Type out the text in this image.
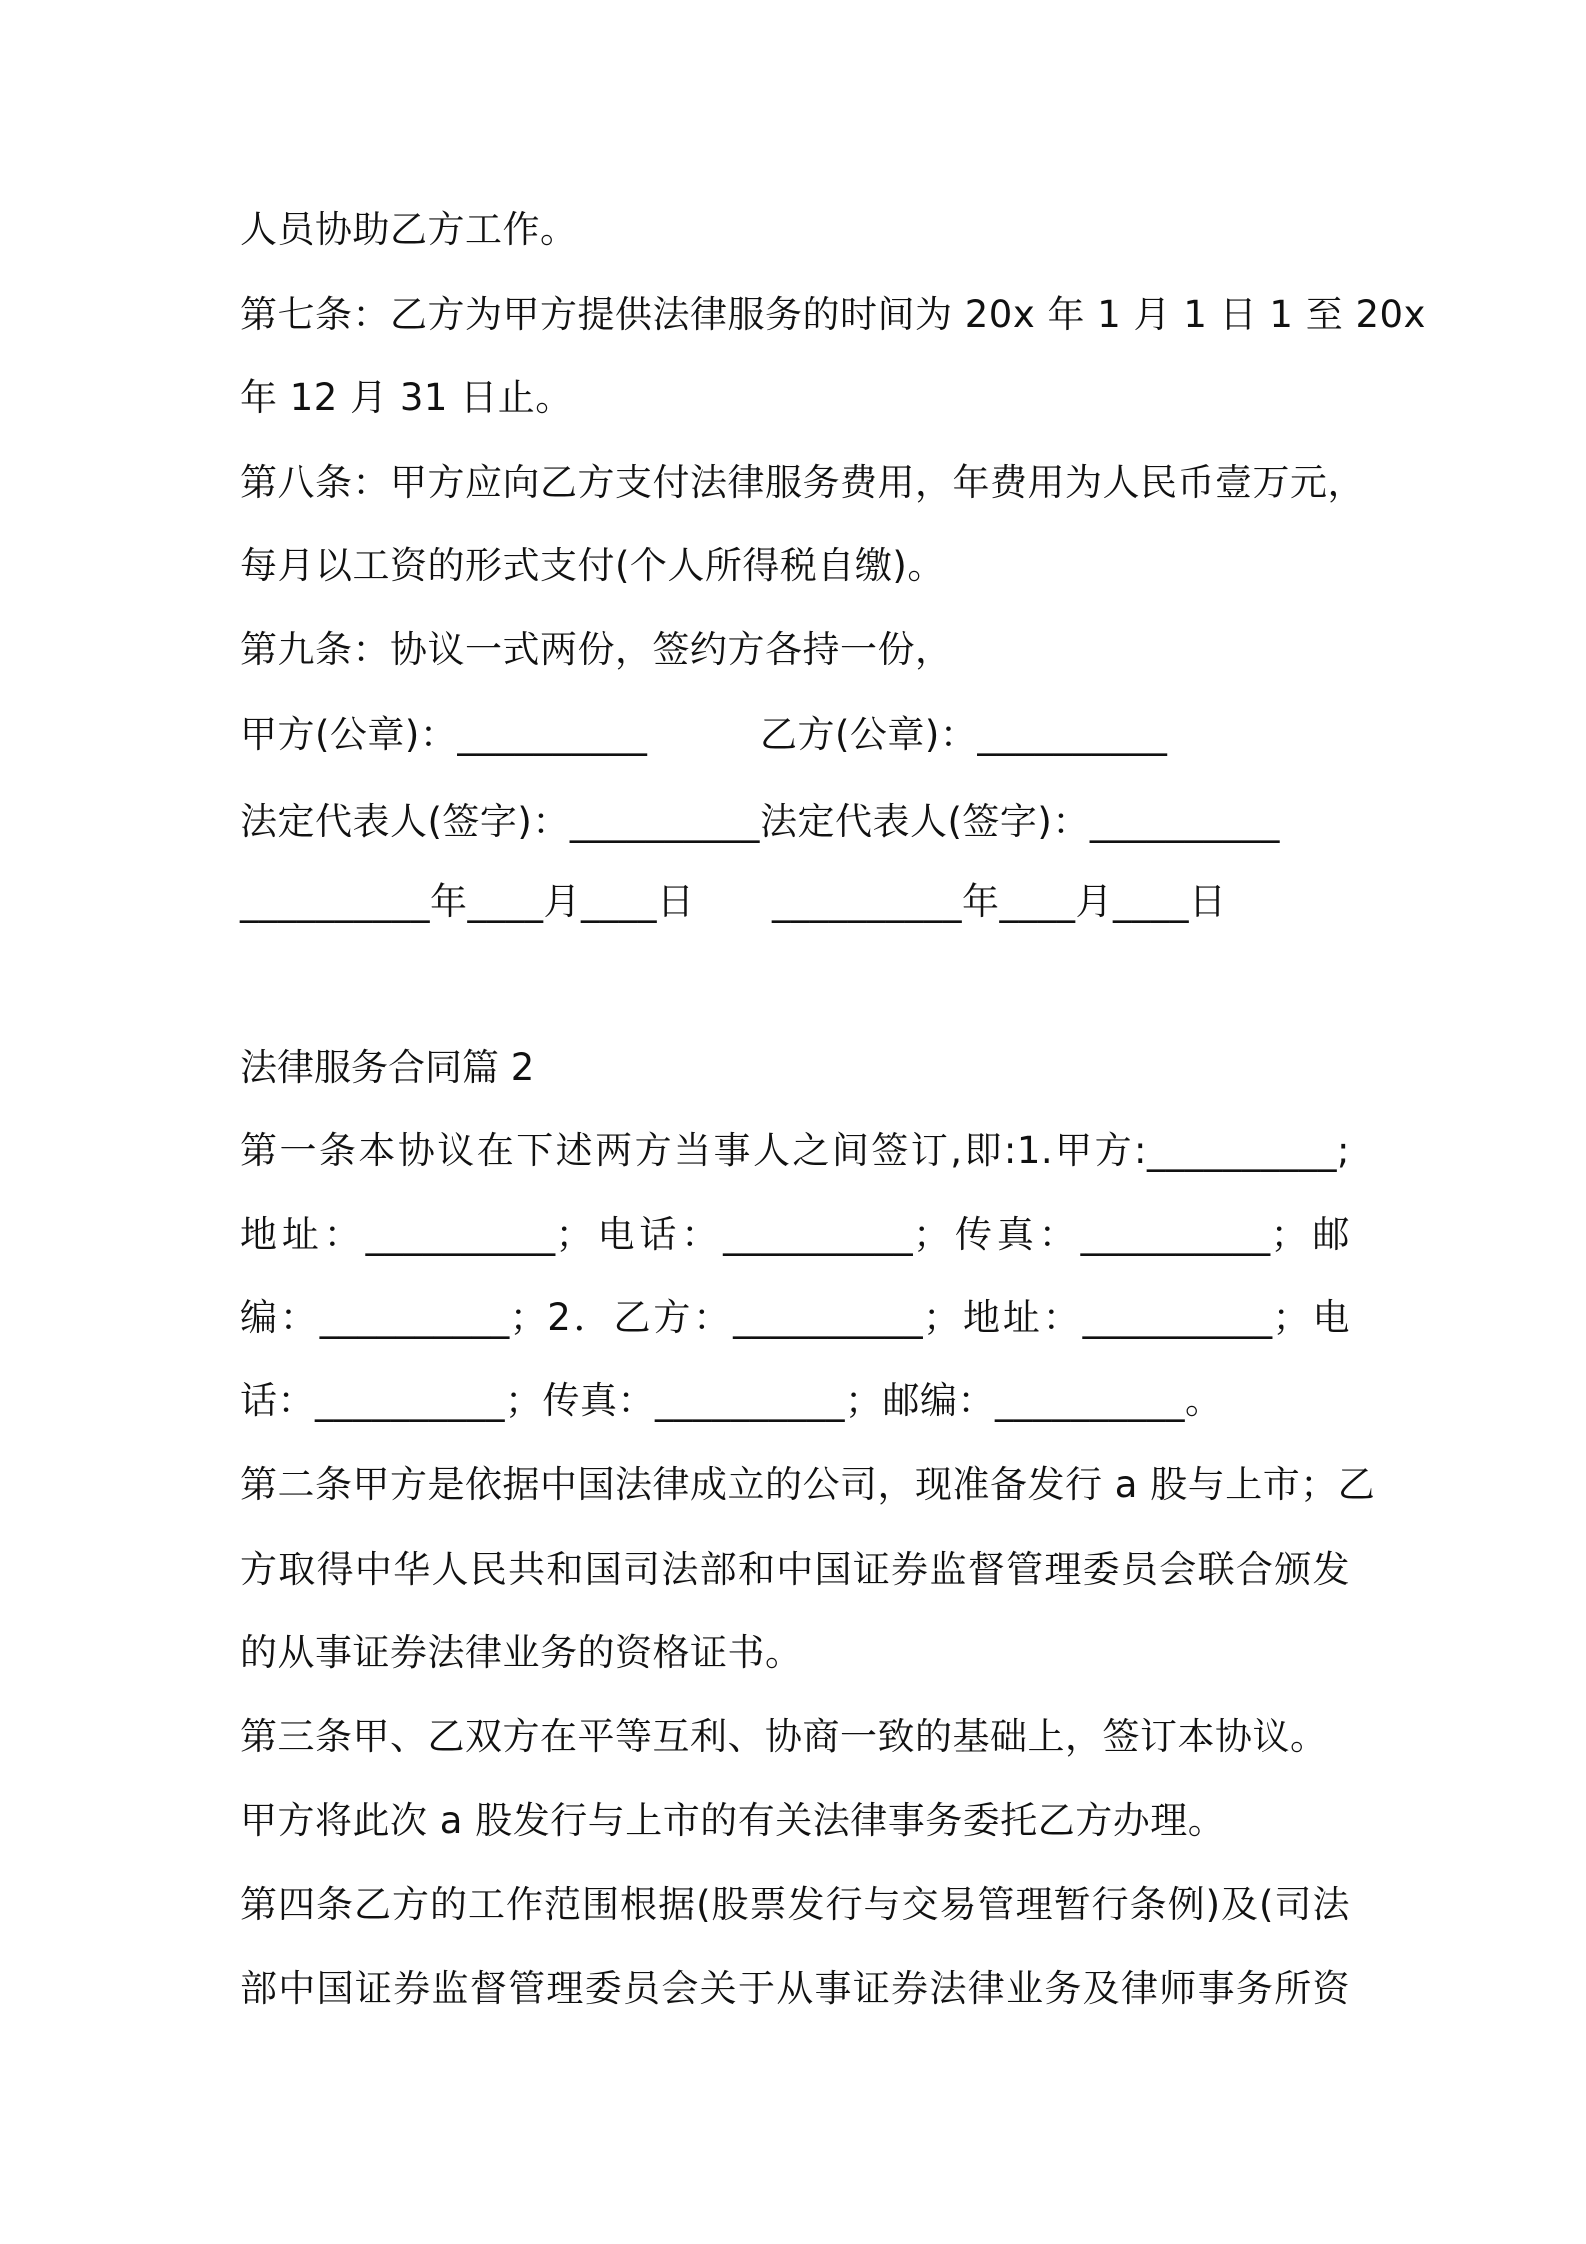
人员协助乙方工作。
第七条：乙方为甲方提供法律服务的时间为 20x 年 1 月 1 日 1 至 20x
年 12 月 31 日止。
第八条：甲方应向乙方支付法律服务费用，年费用为人民币壹万元，
每月以工资的形式支付(个人所得税自缴)。
第九条：协议一式两份，签约方各持一份，
甲方(公章)：__________	乙方(公章)：__________
法定代表人(签字)：__________ 法定代表人(签字)：__________
__________年____月____日 __________年____月____日
法律服务合同篇 2
第一条本协议在下述两方当事人之间签订,即:1.甲方:__________;
地址：__________；电话：__________；传真：__________；邮
编：__________；2．乙方：__________；地址：__________；电
话：__________；传真：__________；邮编：__________。
第二条甲方是依据中国法律成立的公司，现准备发行 a 股与上市；乙
方取得中华人民共和国司法部和中国证券监督管理委员会联合颁发
的从事证券法律业务的资格证书。
第三条甲、乙双方在平等互利、协商一致的基础上，签订本协议。
甲方将此次 a 股发行与上市的有关法律事务委托乙方办理。
第四条乙方的工作范围根据(股票发行与交易管理暂行条例)及(司法
部中国证券监督管理委员会关于从事证券法律业务及律师事务所资
